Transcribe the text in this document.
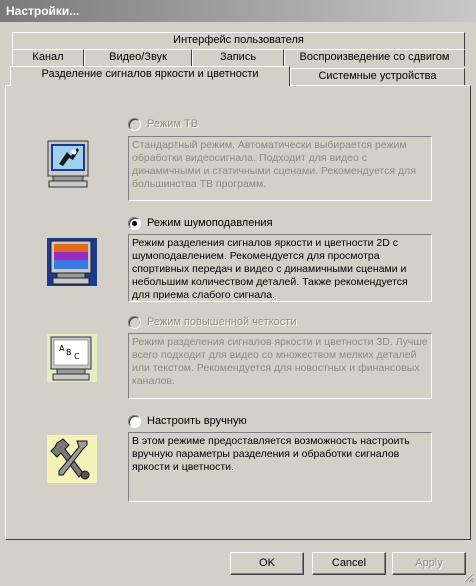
Настройки...
Интерфейс пользователя
Канал	Видео/Звук	Запись	Воспроизведение со сдвигом
Разделение сигналов яркости и цветности	Системные устройства
Режим ТВ
Стандартный режим. Автоматически выбирается режим обработки видеосигнала. Подходит для видео с динамичными и статичными сценами. Рекомендуется для большинства ТВ программ.
Режим шумоподавления
Режим разделения сигналов яркости и цветности 2D с шумоподавлением. Рекомендуется для просмотра спортивных передач и видео с динамичными сценами и небольшим количеством деталей. Также рекомендуется для приема слабого сигнала.
A B C
Режим повышенной четкости
Режим разделения сигналов яркости и цветности 3D. Лучше всего подходит для видео со множеством мелких деталей или текстом. Рекомендуется для новостных и финансовых каналов.
Настроить вручную
В этом режиме предоставляется возможность настроить вручную параметры разделения и обработки сигналов яркости и цветности.
OK	Cancel	Apply
